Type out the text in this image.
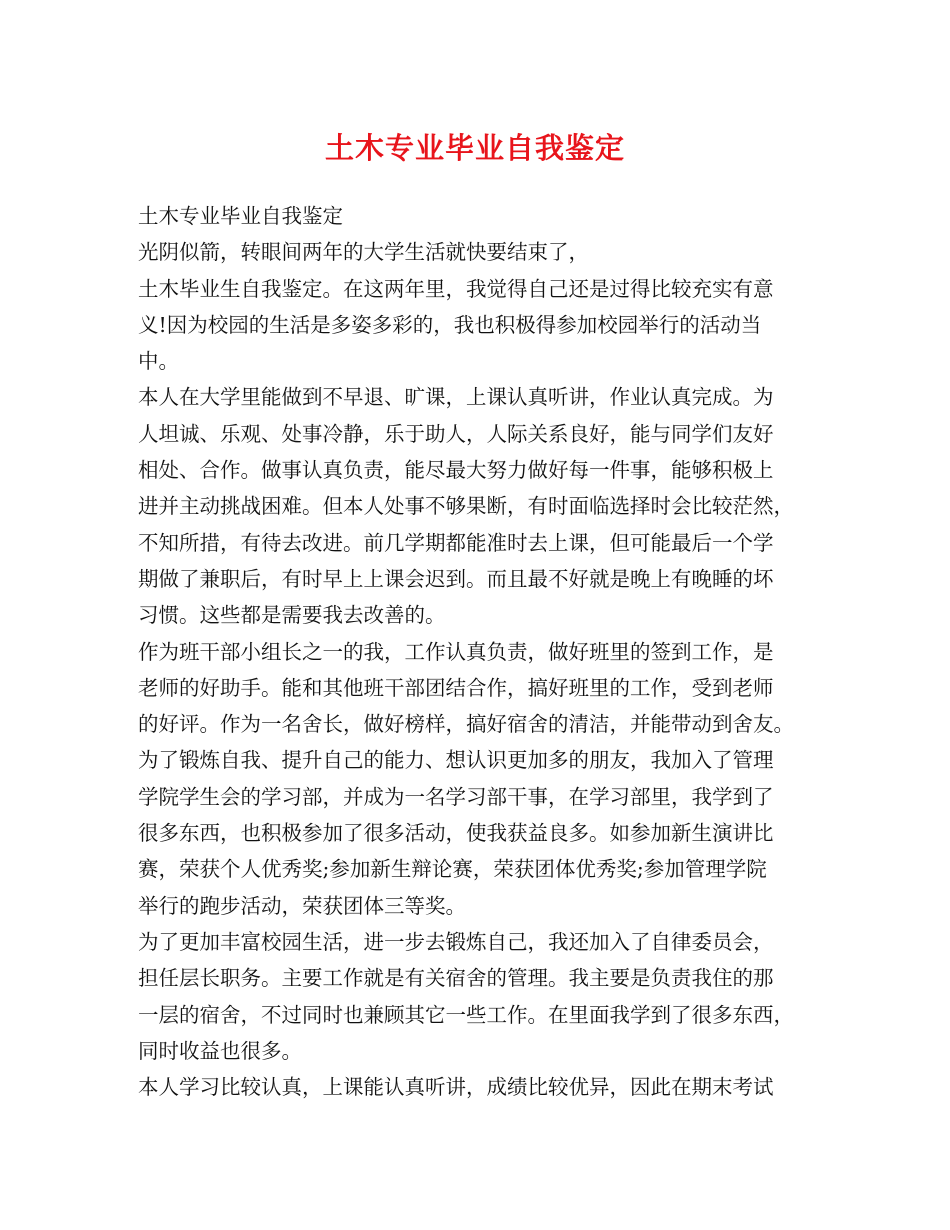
土木专业毕业自我鉴定
土木专业毕业自我鉴定
光阴似箭，转眼间两年的大学生活就快要结束了，
土木毕业生自我鉴定。在这两年里，我觉得自己还是过得比较充实有意
义!因为校园的生活是多姿多彩的，我也积极得参加校园举行的活动当
中。
本人在大学里能做到不早退、旷课，上课认真听讲，作业认真完成。为
人坦诚、乐观、处事冷静，乐于助人，人际关系良好，能与同学们友好
相处、合作。做事认真负责，能尽最大努力做好每一件事，能够积极上
进并主动挑战困难。但本人处事不够果断，有时面临选择时会比较茫然，
不知所措，有待去改进。前几学期都能准时去上课，但可能最后一个学
期做了兼职后，有时早上上课会迟到。而且最不好就是晚上有晚睡的坏
习惯。这些都是需要我去改善的。
作为班干部小组长之一的我，工作认真负责，做好班里的签到工作，是
老师的好助手。能和其他班干部团结合作，搞好班里的工作，受到老师
的好评。作为一名舍长，做好榜样，搞好宿舍的清洁，并能带动到舍友。
为了锻炼自我、提升自己的能力、想认识更加多的朋友，我加入了管理
学院学生会的学习部，并成为一名学习部干事，在学习部里，我学到了
很多东西，也积极参加了很多活动，使我获益良多。如参加新生演讲比
赛，荣获个人优秀奖;参加新生辩论赛，荣获团体优秀奖;参加管理学院
举行的跑步活动，荣获团体三等奖。
为了更加丰富校园生活，进一步去锻炼自己，我还加入了自律委员会，
担任层长职务。主要工作就是有关宿舍的管理。我主要是负责我住的那
一层的宿舍，不过同时也兼顾其它一些工作。在里面我学到了很多东西，
同时收益也很多。
本人学习比较认真，上课能认真听讲，成绩比较优异，因此在期末考试
